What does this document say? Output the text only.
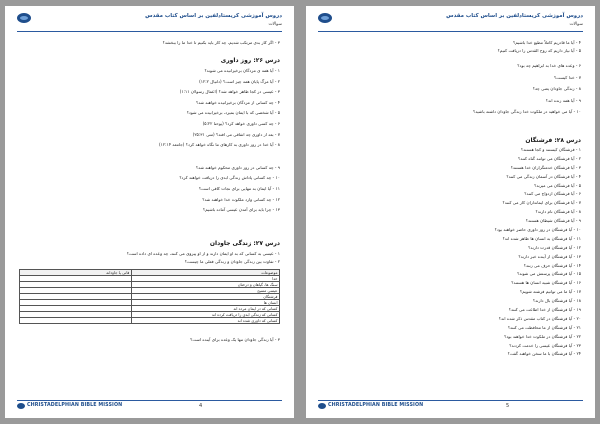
دروس آموزشی کریستادلفین بر اساس کتاب مقدس
سوالات
۳ - اگر کار بدی مرتکب شدیم، چه کار باید بکنیم تا خدا ما را ببخشد؟
درس ۲۶: روز داوری
۱ - آیا همه ی مردگان برخیزانیده می شوند؟
۲ - آیا مرگ پایان همه چیز است؟ (دانیال ۱۲:۲)
۳ - عیسی در کجا ظاهر خواهد شد؟ (اعمال رسولان ۱:۱۱)
۴ - چه کسانی از مردگان برخیزانیده خواهند شد؟
۵ - آیا شخصی که با ایمان بمیرد، برخیزانیده می شود؟
۶ - چه کسی داوری خواهد کرد؟ (یوحنا ۵:۲۲)
۷ - بعد از داوری چه اتفاقی می افتد؟ (متی ۲۵:۳۱)
۸ - آیا خدا در روز داوری به کارهای ما نگاه خواهد کرد؟ (جامعه ۱۲:۱۴)
۹ - چه کسانی در روز داوری محکوم خواهند شد؟
۱۰ - چه کسانی پاداش زندگی ابدی را دریافت خواهند کرد؟
۱۱ - آیا ایمان به تنهایی برای نجات کافی است؟
۱۲ - چه کسانی وارد ملکوت خدا خواهند شد؟
۱۳ - چرا باید برای آمدن عیسی آماده باشیم؟
درس ۲۷: زندگی جاودان
۱ - عیسی به کسانی که به او ایمان دارند و از او پیروی می کنند، چه وعده ای داده است؟
۲ - تفاوت بین زندگی جاودان و زندگی فعلی ما چیست؟
موضوعات	فانی یا جاودانه
خدا	
سنگ ها، گیاهان و درختان	
عیسی مسیح	
فرشتگان	
انسان ها	
کسانی که در ایمان مرده اند	
کسانی که زندگی ابدی را دریافت کرده اند	
کسانی که داوری شده اند	
۳ - آیا زندگی جاودان تنها یک وعده برای آینده است؟
CHRISTADELPHIAN BIBLE MISSION	4
دروس آموزشی کریستادلفین بر اساس کتاب مقدس
سوالات
۴ - آیا ما قادریم کاملاً مطیع خدا باشیم؟
۵ - آیا نیاز داریم که روح القدس را دریافت کنیم؟
۶ - وعده های خدا به ابراهیم چه بود؟
۷ - خدا کیست؟
۸ - زندگی جاودان یعنی چه؟
۹ - آیا همه زنده اند؟
۱۰ - آیا می خواهید در ملکوت خدا زندگی جاودان داشته باشید؟
درس ۲۸: فرشتگان
۱ - فرشتگان کیستند و کجا هستند؟
۲ - آیا فرشتگان می توانند گناه کنند؟
۳ - آیا فرشتگان خدمتگزاران خدا هستند؟
۴ - آیا فرشتگان در آسمان زندگی می کنند؟
۵ - آیا فرشتگان می میرند؟
۶ - آیا فرشتگان ازدواج می کنند؟
۷ - آیا فرشتگان برای ایمانداران کار می کنند؟
۸ - آیا فرشتگان نام دارند؟
۹ - آیا فرشتگان شیطان هستند؟
۱۰ - آیا فرشتگان در روز داوری حاضر خواهند بود؟
۱۱ - آیا فرشتگان به انسان ها ظاهر شده اند؟
۱۲ - آیا فرشتگان قدرت دارند؟
۱۳ - آیا فرشتگان از آینده خبر دارند؟
۱۴ - آیا فرشتگان حرف می زنند؟
۱۵ - آیا فرشتگان پرستش می شوند؟
۱۶ - آیا فرشتگان شبیه انسان ها هستند؟
۱۷ - آیا ما می توانیم فرشته شویم؟
۱۸ - آیا فرشتگان بال دارند؟
۱۹ - آیا فرشتگان از خدا اطاعت می کنند؟
۲۰ - آیا فرشتگان در کتاب مقدس ذکر شده اند؟
۲۱ - آیا فرشتگان از ما محافظت می کنند؟
۲۲ - آیا فرشتگان در ملکوت خدا خواهند بود؟
۲۳ - آیا فرشتگان عیسی را خدمت کردند؟
۲۴ - آیا فرشتگان با ما سخن خواهند گفت؟
CHRISTADELPHIAN BIBLE MISSION	5
